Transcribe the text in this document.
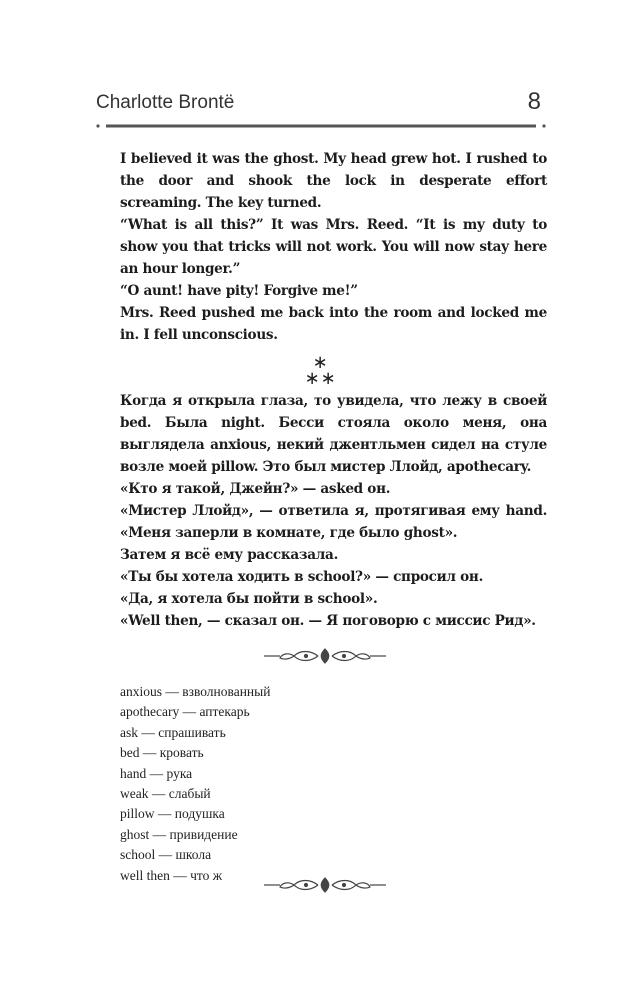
Charlotte Brontë	8

I believed it was the ghost. My head grew hot. I rushed to the door and shook the lock in desperate effort screaming. The key turned.

“What is all this?” It was Mrs. Reed. “It is my duty to show you that tricks will not work. You will now stay here an hour longer.”

“O aunt! have pity! Forgive me!”

Mrs. Reed pushed me back into the room and locked me in. I fell unconscious.

∗
∗ ∗

Когда я открыла глаза, то увидела, что лежу в своей bed. Была night. Бесси стояла около меня, она выглядела anxious, некий джентльмен сидел на стуле возле моей pillow. Это был мистер Ллойд, apothecary.

«Кто я такой, Джейн?» — asked он.

«Мистер Ллойд», — ответила я, протягивая ему hand. «Меня заперли в комнате, где было ghost».

Затем я всё ему рассказала.

«Ты бы хотела ходить в school?» — спросил он.

«Да, я хотела бы пойти в school».

«Well then, — сказал он. — Я поговорю с миссис Рид».

anxious — взволнованный
apothecary — аптекарь
ask — спрашивать
bed — кровать
hand — рука
weak — слабый
pillow — подушка
ghost — привидение
school — школа
well then — что ж
